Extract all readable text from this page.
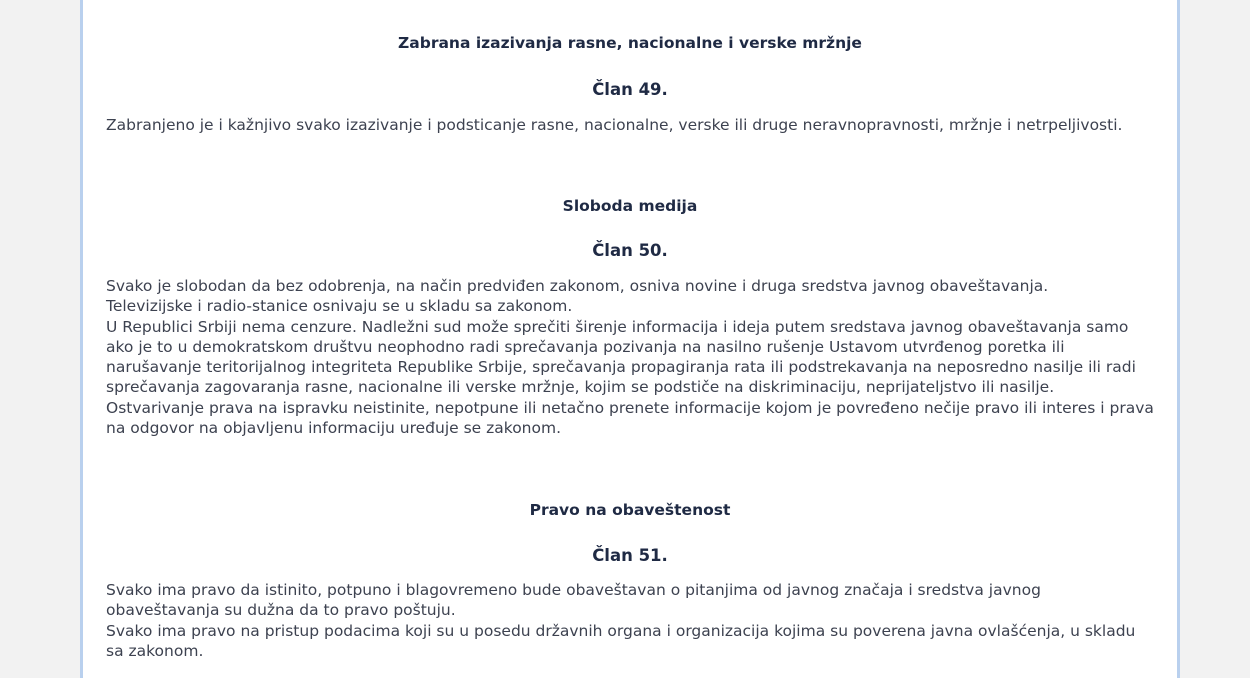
Zabrana izazivanja rasne, nacionalne i verske mržnje
Član 49.

Zabranjeno je i kažnjivo svako izazivanje i podsticanje rasne, nacionalne, verske ili druge neravnopravnosti, mržnje i netrpeljivosti.

Sloboda medija
Član 50.

Svako je slobodan da bez odobrenja, na način predviđen zakonom, osniva novine i druga sredstva javnog obaveštavanja.

Televizijske i radio-stanice osnivaju se u skladu sa zakonom.

U Republici Srbiji nema cenzure. Nadležni sud može sprečiti širenje informacija i ideja putem sredstava javnog obaveštavanja samo ako je to u demokratskom društvu neophodno radi sprečavanja pozivanja na nasilno rušenje Ustavom utvrđenog poretka ili narušavanje teritorijalnog integriteta Republike Srbije, sprečavanja propagiranja rata ili podstrekavanja na neposredno nasilje ili radi sprečavanja zagovaranja rasne, nacionalne ili verske mržnje, kojim se podstiče na diskriminaciju, neprijateljstvo ili nasilje.

Ostvarivanje prava na ispravku neistinite, nepotpune ili netačno prenete informacije kojom je povređeno nečije pravo ili interes i prava na odgovor na objavljenu informaciju uređuje se zakonom.

Pravo na obaveštenost
Član 51.

Svako ima pravo da istinito, potpuno i blagovremeno bude obaveštavan o pitanjima od javnog značaja i sredstva javnog obaveštavanja su dužna da to pravo poštuju.

Svako ima pravo na pristup podacima koji su u posedu državnih organa i organizacija kojima su poverena javna ovlašćenja, u skladu sa zakonom.
